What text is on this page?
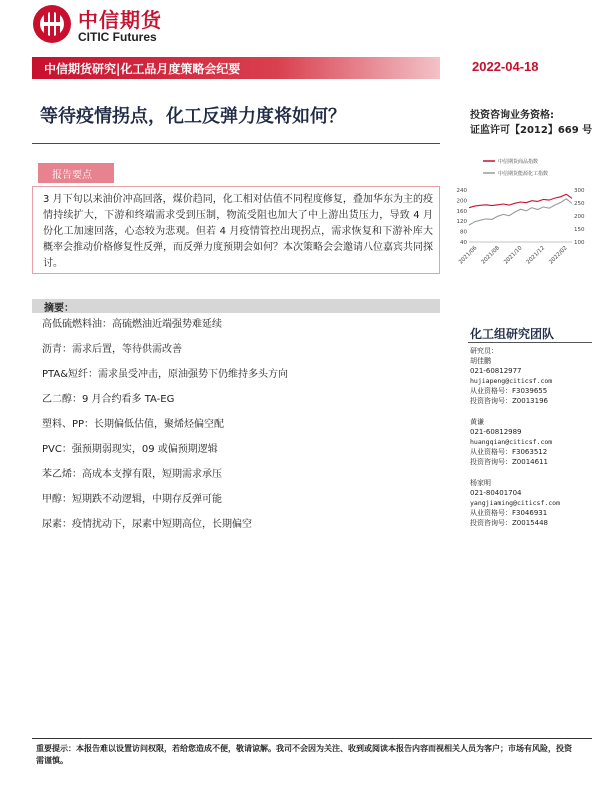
中信期货
CITIC Futures
中信期货研究|化工品月度策略会纪要	2022-04-18
等待疫情拐点，化工反弹力度将如何？	投资咨询业务资格:
证监许可【2012】669 号
报告要点
3 月下旬以来油价冲高回落，煤价趋同，化工相对估值不同程度修复，叠加华东为主的疫情持续扩大，下游和终端需求受到压制，物流受阻也加大了中上游出货压力，导致 4 月份化工加速回落，心态较为悲观。但若 4 月疫情管控出现拐点，需求恢复和下游补库大概率会推动价格修复性反弹，而反弹力度预期会如何？本次策略会会邀请八位嘉宾共同探讨。
中信期货商品指数
中信期货能源化工指数
240
200
160
120
80
40
300
250
200
150
100
2021/06 2021/08 2021/10 2021/12 2022/02
摘要：
高低硫燃料油：高硫燃油近端强势难延续
沥青：需求后置，等待供需改善
PTA&短纤：需求虽受冲击，原油强势下仍维持多头方向
乙二醇：9 月合约看多 TA-EG
塑料、PP：长期偏低估值，聚烯烃偏空配
PVC：强预期弱现实，09 或偏预期逻辑
苯乙烯：高成本支撑有限，短期需求承压
甲醇：短期跌不动逻辑，中期存反弹可能
尿素：疫情扰动下，尿素中短期高位，长期偏空
化工组研究团队
研究员：
胡佳鹏
021-60812977
hujiapeng@citicsf.com
从业资格号：F3039655
投资咨询号：Z0013196
黄谦
021-60812989
huangqian@citicsf.com
从业资格号：F3063512
投资咨询号：Z0014611
杨家明
021-80401704
yangjiaming@citicsf.com
从业资格号：F3046931
投资咨询号：Z0015448
重要提示：本报告难以设置访问权限，若给您造成不便，敬请谅解。我司不会因为关注、收到或阅读本报告内容而视相关人员为客户；市场有风险，投资需谨慎。
